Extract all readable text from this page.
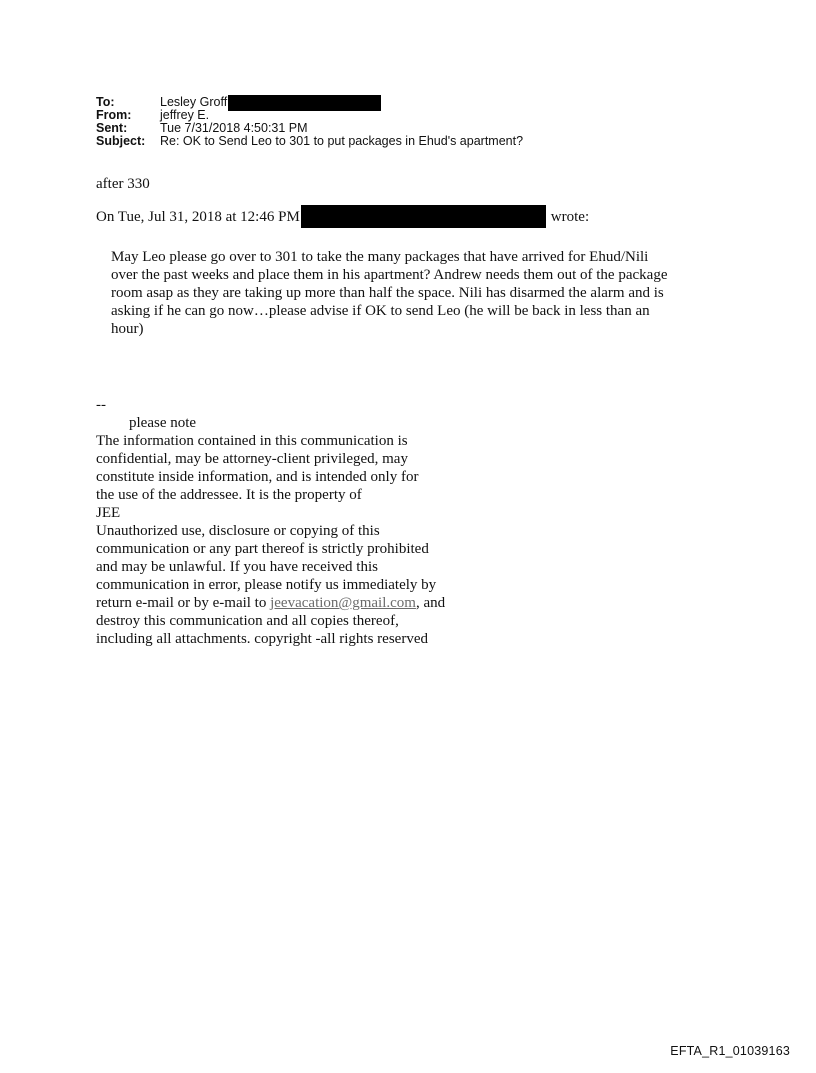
To:	Lesley Groff
From:	jeffrey E.
Sent:	Tue 7/31/2018 4:50:31 PM
Subject:	Re: OK to Send Leo to 301 to put packages in Ehud's apartment?
after 330
On Tue, Jul 31, 2018 at 12:46 PM	wrote:

May Leo please go over to 301 to take the many packages that have arrived for Ehud/Nili

over the past weeks and place them in his apartment? Andrew needs them out of the package

room asap as they are taking up more than half the space. Nili has disarmed the alarm and is

asking if he can go now…please advise if OK to send Leo (he will be back in less than an

hour)

--
please note
The information contained in this communication is
confidential, may be attorney-client privileged, may
constitute inside information, and is intended only for
the use of the addressee. It is the property of
JEE
Unauthorized use, disclosure or copying of this
communication or any part thereof is strictly prohibited
and may be unlawful. If you have received this
communication in error, please notify us immediately by
return e-mail or by e-mail to jeevacation@gmail.com, and
destroy this communication and all copies thereof,
including all attachments. copyright -all rights reserved
EFTA_R1_01039163
